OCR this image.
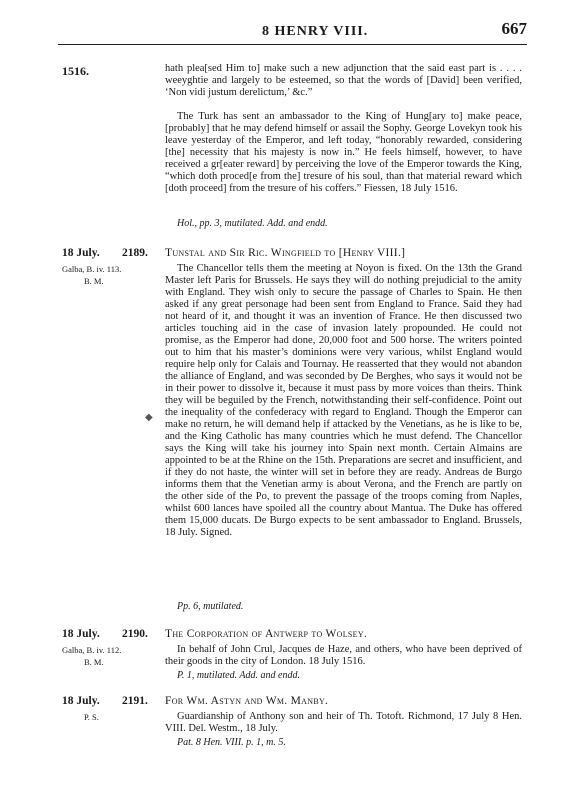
8 HENRY VIII.	667
1516.	hath plea[sed Him to] make such a new adjunction that the said east part is . . . . weeyghtie and largely to be esteemed, so that the words of [David] been verified, ‘Non vidi justum derelictum,’ &c.”

The Turk has sent an ambassador to the King of Hung[ary to] make peace, [probably] that he may defend himself or assail the Sophy. George Lovekyn took his leave yesterday of the Emperor, and left today, “honorably rewarded, considering [the] necessity that his majesty is now in.” He feels himself, however, to have received a gr[eater reward] by perceiving the love of the Emperor towards the King, “which doth proced[e from the] tresure of his soul, than that material reward which [doth proceed] from the tresure of his coffers.” Fiessen, 18 July 1516.

Hol., pp. 3, mutilated. Add. and endd.
18 July. 2189. Tunstal and Sir Ric. Wingfield to [Henry VIII.]
Galba, B. iv. 113.
B. M.

The Chancellor tells them the meeting at Noyon is fixed. On the 13th the Grand Master left Paris for Brussels. He says they will do nothing prejudicial to the amity with England. They wish only to secure the passage of Charles to Spain. He then asked if any great personage had been sent from England to France. Said they had not heard of it, and thought it was an invention of France. He then discussed two articles touching aid in the case of invasion lately propounded. He could not promise, as the Emperor had done, 20,000 foot and 500 horse. The writers pointed out to him that his master’s dominions were very various, whilst England would require help only for Calais and Tournay. He reasserted that they would not abandon the alliance of England, and was seconded by De Berghes, who says it would not be in their power to dissolve it, because it must pass by more voices than theirs. Think they will be beguiled by the French, notwithstanding their self-confidence. Point out the inequality of the confederacy with regard to England. Though the Emperor can make no return, he will demand help if attacked by the Venetians, as he is like to be, and the King Catholic has many countries which he must defend. The Chancellor says the King will take his journey into Spain next month. Certain Almains are appointed to be at the Rhine on the 15th. Preparations are secret and insufficient, and if they do not haste, the winter will set in before they are ready. Andreas de Burgo informs them that the Venetian army is about Verona, and the French are partly on the other side of the Po, to prevent the passage of the troops coming from Naples, whilst 600 lances have spoiled all the country about Mantua. The Duke has offered them 15,000 ducats. De Burgo expects to be sent ambassador to England. Brussels, 18 July. Signed.

◆
Pp. 6, mutilated.
18 July. 2190. The Corporation of Antwerp to Wolsey.
Galba, B. iv. 112.
B. M.

In behalf of John Crul, Jacques de Haze, and others, who have been deprived of their goods in the city of London. 18 July 1516.

P. 1, mutilated. Add. and endd.
18 July. 2191. For Wm. Astyn and Wm. Manby.
P. S.	Guardianship of Anthony son and heir of Th. Totoft. Richmond, 17 July 8 Hen. VIII. Del. Westm., 18 July.

Pat. 8 Hen. VIII. p. 1, m. 5.
